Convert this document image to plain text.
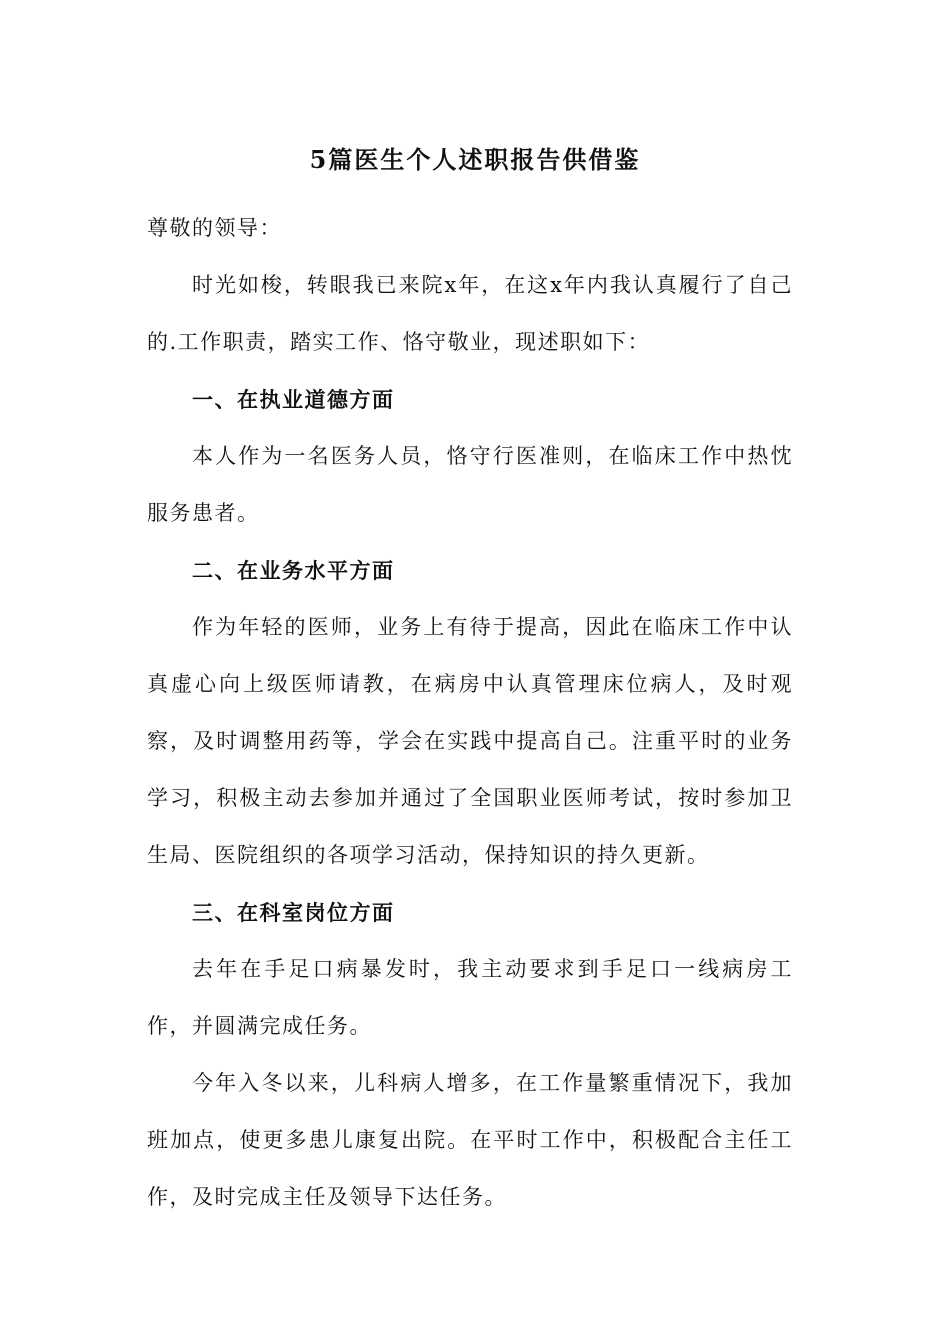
5篇医生个人述职报告供借鉴

尊敬的领导：

时光如梭，转眼我已来院x年，在这x年内我认真履行了自己的.工作职责，踏实工作、恪守敬业，现述职如下：

一、在执业道德方面

本人作为一名医务人员，恪守行医准则，在临床工作中热忱服务患者。

二、在业务水平方面

作为年轻的医师，业务上有待于提高，因此在临床工作中认真虚心向上级医师请教，在病房中认真管理床位病人，及时观察，及时调整用药等，学会在实践中提高自己。注重平时的业务学习，积极主动去参加并通过了全国职业医师考试，按时参加卫生局、医院组织的各项学习活动，保持知识的持久更新。

三、在科室岗位方面

去年在手足口病暴发时，我主动要求到手足口一线病房工作，并圆满完成任务。

今年入冬以来，儿科病人增多，在工作量繁重情况下，我加班加点，使更多患儿康复出院。在平时工作中，积极配合主任工作，及时完成主任及领导下达任务。
